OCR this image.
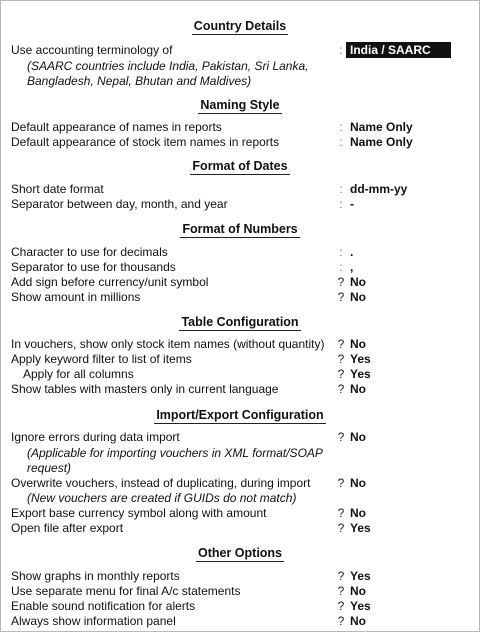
Country Details
Use accounting terminology of	: India / SAARC
(SAARC countries include India, Pakistan, Sri Lanka, Bangladesh, Nepal, Bhutan and Maldives)
Naming Style
Default appearance of names in reports	: Name Only
Default appearance of stock item names in reports	: Name Only
Format of Dates
Short date format	: dd-mm-yy
Separator between day, month, and year	: -
Format of Numbers
Character to use for decimals	: .
Separator to use for thousands	: ,
Add sign before currency/unit symbol	? No
Show amount in millions	? No
Table Configuration
In vouchers, show only stock item names (without quantity) ? No
Apply keyword filter to list of items	? Yes
Apply for all columns	? Yes
Show tables with masters only in current language	? No
Import/Export Configuration
Ignore errors during data import	? No
(Applicable for importing vouchers in XML format/SOAP request)
Overwrite vouchers, instead of duplicating, during import ? No
(New vouchers are created if GUIDs do not match)
Export base currency symbol along with amount	? No
Open file after export	? Yes
Other Options
Show graphs in monthly reports	? Yes
Use separate menu for final A/c statements	? No
Enable sound notification for alerts	? Yes
Always show information panel	? No
